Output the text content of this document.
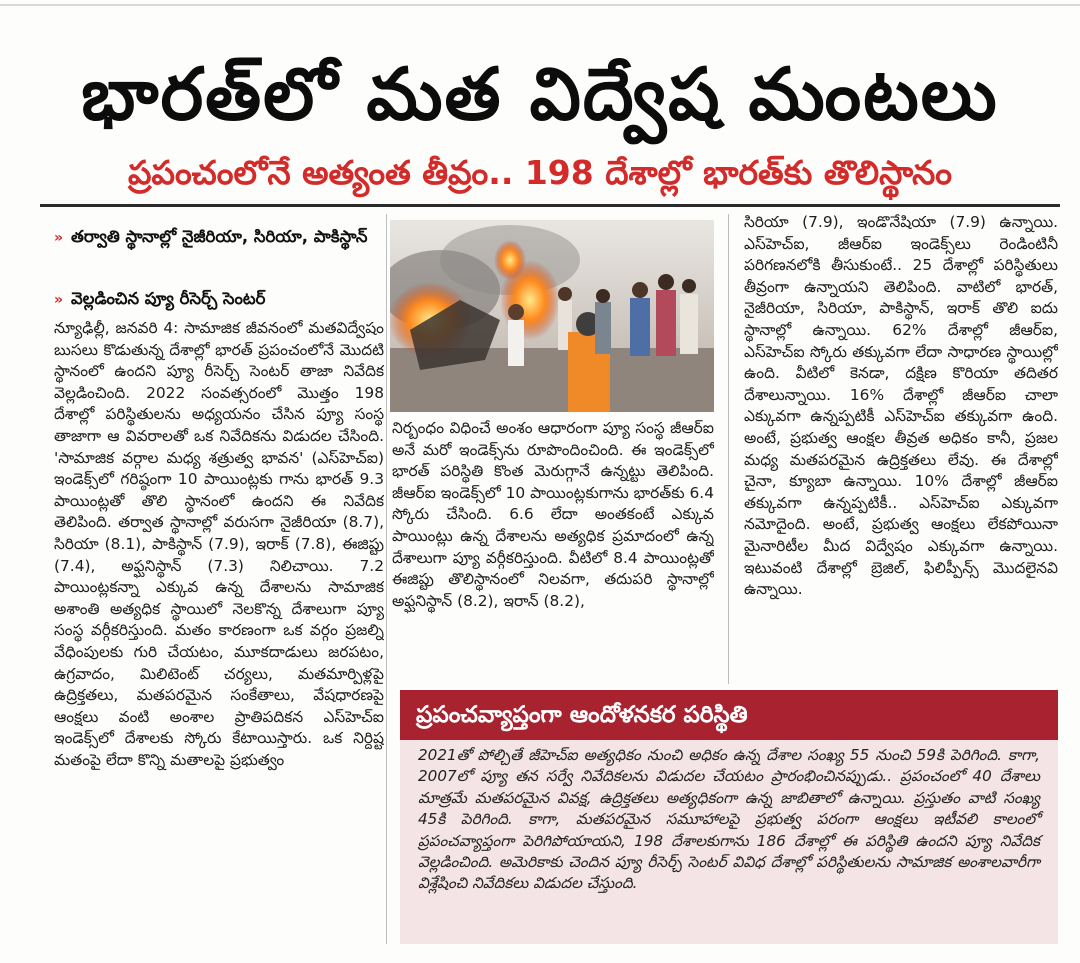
భారత్‌లో మత విద్వేష మంటలు
ప్రపంచంలోనే అత్యంత తీవ్రం.. 198 దేశాల్లో భారత్‌కు తొలిస్థానం
» తర్వాతి స్థానాల్లో నైజీరియా, సిరియా, పాకిస్థాన్
» వెల్లడించిన ప్యూ రీసెర్చ్ సెంటర్

న్యూఢిల్లీ, జనవరి 4: సామాజిక జీవనంలో మతవిద్వేషం బుసలు కొడుతున్న దేశాల్లో భారత్ ప్రపంచంలోనే మొదటి స్థానంలో ఉందని ప్యూ రీసెర్చ్ సెంటర్ తాజా నివేదిక వెల్లడించింది. 2022 సంవత్సరంలో మొత్తం 198 దేశాల్లో పరిస్థితులను అధ్యయనం చేసిన ప్యూ సంస్థ తాజాగా ఆ వివరాలతో ఒక నివేదికను విడుదల చేసింది. 'సామాజిక వర్గాల మధ్య శత్రుత్వ భావన' (ఎస్‌హెచ్‌ఐ) ఇండెక్స్‌లో గరిష్ఠంగా 10 పాయింట్లకు గాను భారత్ 9.3 పాయింట్లతో తొలి స్థానంలో ఉందని ఈ నివేదిక తెలిపింది. తర్వాత స్థానాల్లో వరుసగా నైజీరియా (8.7), సిరియా (8.1), పాకిస్థాన్ (7.9), ఇరాక్ (7.8), ఈజిప్టు (7.4), అఫ్ఘనిస్థాన్ (7.3) నిలిచాయి. 7.2 పాయింట్లకన్నా ఎక్కువ ఉన్న దేశాలను సామాజిక అశాంతి అత్యధిక స్థాయిలో నెలకొన్న దేశాలుగా ప్యూ సంస్థ వర్గీకరిస్తుంది. మతం కారణంగా ఒక వర్గం ప్రజల్ని వేధింపులకు గురి చేయటం, మూకదాడులు జరపటం, ఉగ్రవాదం, మిలిటెంట్ చర్యలు, మతమార్పిళ్లపై ఉద్రిక్తతలు, మతపరమైన సంకేతాలు, వేషధారణపై ఆంక్షలు వంటి అంశాల ప్రాతిపదికన ఎస్‌హెచ్‌ఐ ఇండెక్స్‌లో దేశాలకు స్కోరు కేటాయిస్తారు. ఒక నిర్దిష్ట మతంపై లేదా కొన్ని మతాలపై ప్రభుత్వం

నిర్బంధం విధించే అంశం ఆధారంగా ప్యూ సంస్థ జీఆర్‌ఐ అనే మరో ఇండెక్స్‌ను రూపొందించింది. ఈ ఇండెక్స్‌లో భారత్ పరిస్థితి కొంత మెరుగ్గానే ఉన్నట్టు తెలిపింది. జీఆర్‌ఐ ఇండెక్స్‌లో 10 పాయింట్లకుగాను భారత్‌కు 6.4 స్కోరు చేసింది. 6.6 లేదా అంతకంటే ఎక్కువ పాయింట్లు ఉన్న దేశాలను అత్యధిక ప్రమాదంలో ఉన్న దేశాలుగా ప్యూ వర్గీకరిస్తుంది. వీటిలో 8.4 పాయింట్లతో ఈజిప్టు తొలిస్థానంలో నిలవగా, తదుపరి స్థానాల్లో అఫ్ఘనిస్థాన్ (8.2), ఇరాన్ (8.2),

సిరియా (7.9), ఇండొనేషియా (7.9) ఉన్నాయి. ఎస్‌హెచ్‌ఐ, జీఆర్‌ఐ ఇండెక్స్‌లు రెండింటినీ పరిగణనలోకి తీసుకుంటే.. 25 దేశాల్లో పరిస్థితులు తీవ్రంగా ఉన్నాయని తెలిపింది. వాటిలో భారత్, నైజీరియా, సిరియా, పాకిస్థాన్, ఇరాక్ తొలి ఐదు స్థానాల్లో ఉన్నాయి. 62% దేశాల్లో జీఆర్‌ఐ, ఎస్‌హెచ్‌ఐ స్కోరు తక్కువగా లేదా సాధారణ స్థాయిల్లో ఉంది. వీటిలో కెనడా, దక్షిణ కొరియా తదితర దేశాలున్నాయి. 16% దేశాల్లో జీఆర్‌ఐ చాలా ఎక్కువగా ఉన్నప్పటికీ ఎస్‌హెచ్‌ఐ తక్కువగా ఉంది. అంటే, ప్రభుత్వ ఆంక్షల తీవ్రత అధికం కానీ, ప్రజల మధ్య మతపరమైన ఉద్రిక్తతలు లేవు. ఈ దేశాల్లో చైనా, క్యూబా ఉన్నాయి. 10% దేశాల్లో జీఆర్‌ఐ తక్కువగా ఉన్నప్పటికీ.. ఎస్‌హెచ్‌ఐ ఎక్కువగా నమోదైంది. అంటే, ప్రభుత్వ ఆంక్షలు లేకపోయినా మైనారిటీల మీద విద్వేషం ఎక్కువగా ఉన్నాయి. ఇటువంటి దేశాల్లో బ్రెజిల్, ఫిలిప్పీన్స్ మొదలైనవి ఉన్నాయి.

ప్రపంచవ్యాప్తంగా ఆందోళనకర పరిస్థితి
2021తో పోల్చితే జీహెచ్ఐ అత్యధికం నుంచి అధికం ఉన్న దేశాల సంఖ్య 55 నుంచి 59కి పెరిగింది. కాగా, 2007లో ప్యూ తన సర్వే నివేదికలను విడుదల చేయటం ప్రారంభించినప్పుడు.. ప్రపంచంలో 40 దేశాలు మాత్రమే మతపరమైన వివక్ష, ఉద్రిక్తతలు అత్యధికంగా ఉన్న జాబితాలో ఉన్నాయి. ప్రస్తుతం వాటి సంఖ్య 45కి పెరిగింది. కాగా, మతపరమైన సమూహాలపై ప్రభుత్వ పరంగా ఆంక్షలు ఇటీవలి కాలంలో ప్రపంచవ్యాప్తంగా పెరిగిపోయాయని, 198 దేశాలకుగాను 186 దేశాల్లో ఈ పరిస్థితి ఉందని ప్యూ నివేదిక వెల్లడించింది. అమెరికాకు చెందిన ప్యూ రీసెర్చ్ సెంటర్ వివిధ దేశాల్లో పరిస్థితులను సామాజిక అంశాలవారీగా విశ్లేషించి నివేదికలు విడుదల చేస్తుంది.
